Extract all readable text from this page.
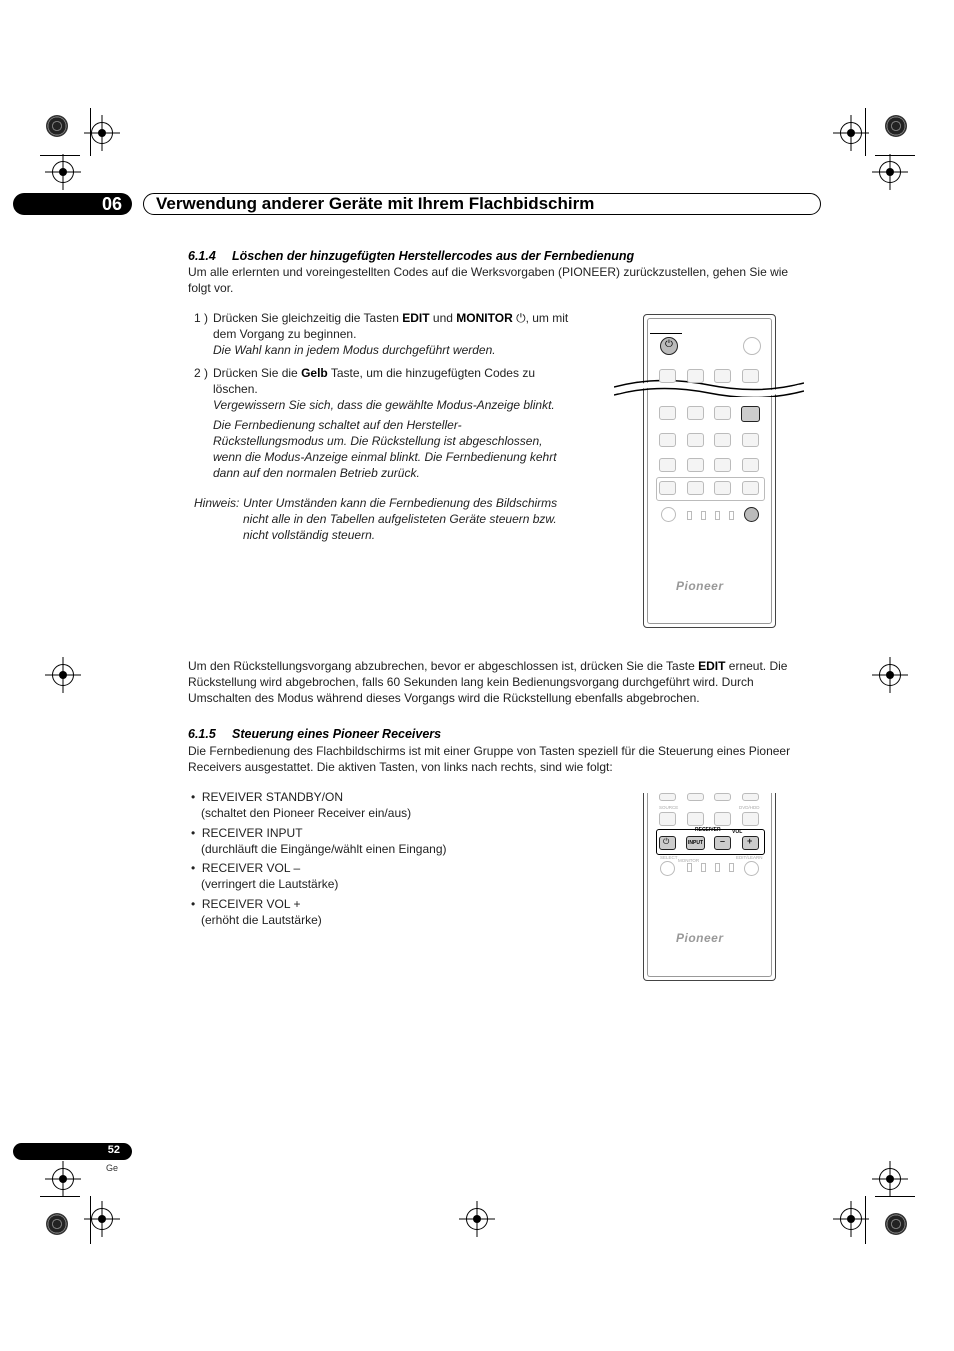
06 Verwendung anderer Geräte mit Ihrem Flachbidschirm
6.1.4 Löschen der hinzugefügten Herstellercodes aus der Fernbedienung
Um alle erlernten und voreingestellten Codes auf die Werksvorgaben (PIONEER) zurückzustellen, gehen Sie wie
folgt vor.
1 ) Drücken Sie gleichzeitig die Tasten EDIT und MONITOR ⏻, um mit
dem Vorgang zu beginnen.
Die Wahl kann in jedem Modus durchgeführt werden.
2 ) Drücken Sie die Gelb Taste, um die hinzugefügten Codes zu
löschen.
Vergewissern Sie sich, dass die gewählte Modus-Anzeige blinkt.
Die Fernbedienung schaltet auf den Hersteller-
Rückstellungsmodus um. Die Rückstellung ist abgeschlossen,
wenn die Modus-Anzeige einmal blinkt. Die Fernbedienung kehrt
dann auf den normalen Betrieb zurück.
Hinweis: Unter Umständen kann die Fernbedienung des Bildschirms
nicht alle in den Tabellen aufgelisteten Geräte steuern bzw.
nicht vollständig steuern.
⏻
Pioneer
Um den Rückstellungsvorgang abzubrechen, bevor er abgeschlossen ist, drücken Sie die Taste EDIT erneut. Die
Rückstellung wird abgebrochen, falls 60 Sekunden lang kein Bedienungsvorgang durchgeführt wird. Durch
Umschalten des Modus während dieses Vorgangs wird die Rückstellung ebenfalls abgebrochen.
6.1.5 Steuerung eines Pioneer Receivers
Die Fernbedienung des Flachbildschirms ist mit einer Gruppe von Tasten speziell für die Steuerung eines Pioneer
Receivers ausgestattet. Die aktiven Tasten, von links nach rechts, sind wie folgt:
•  REVEIVER STANDBY/ON
(schaltet den Pioneer Receiver ein/aus)
•  RECEIVER INPUT
(durchläuft die Eingänge/wählt einen Eingang)
•  RECEIVER VOL –
(verringert die Lautstärke)
•  RECEIVER VOL +
(erhöht die Lautstärke)
SOURCE	DVD/HDD
RECEIVER VOL
⏻	INPUT – +
SELECT
MONITOR
EDIT/LEARN
Pioneer
52
Ge
